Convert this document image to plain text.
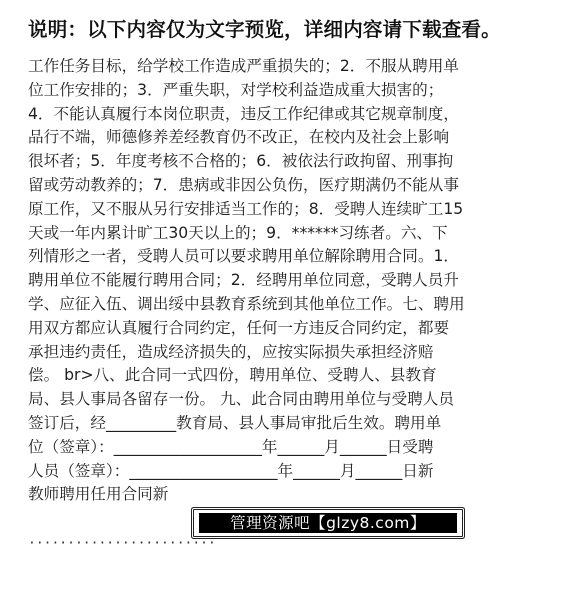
说明：以下内容仅为文字预览，详细内容请下载查看。
工作任务目标，给学校工作造成严重损失的；2．不服从聘用单
位工作安排的；3．严重失职，对学校利益造成重大损害的；
4．不能认真履行本岗位职责，违反工作纪律或其它规章制度，
品行不端，师德修养差经教育仍不改正，在校内及社会上影响
很坏者；5．年度考核不合格的；6．被依法行政拘留、刑事拘
留或劳动教养的；7．患病或非因公负伤，医疗期满仍不能从事
原工作，又不服从另行安排适当工作的；8．受聘人连续旷工15
天或一年内累计旷工30天以上的；9．******习练者。六、下
列情形之一者，受聘人员可以要求聘用单位解除聘用合同。1．
聘用单位不能履行聘用合同；2．经聘用单位同意，受聘人员升
学、应征入伍、调出绥中县教育系统到其他单位工作。七、聘用
用双方都应认真履行合同约定，任何一方违反合同约定，都要
承担违约责任，造成经济损失的，应按实际损失承担经济赔
偿。 br>八、此合同一式四份，聘用单位、受聘人、县教育
局、县人事局各留存一份。 九、此合同由聘用单位与受聘人员
签订后，经_________教育局、县人事局审批后生效。聘用单
位（签章）：___________________年______月______日受聘
人员（签章）：___________________年______月______日新
教师聘用任用合同新
管理资源吧【glzy8.com】
························
